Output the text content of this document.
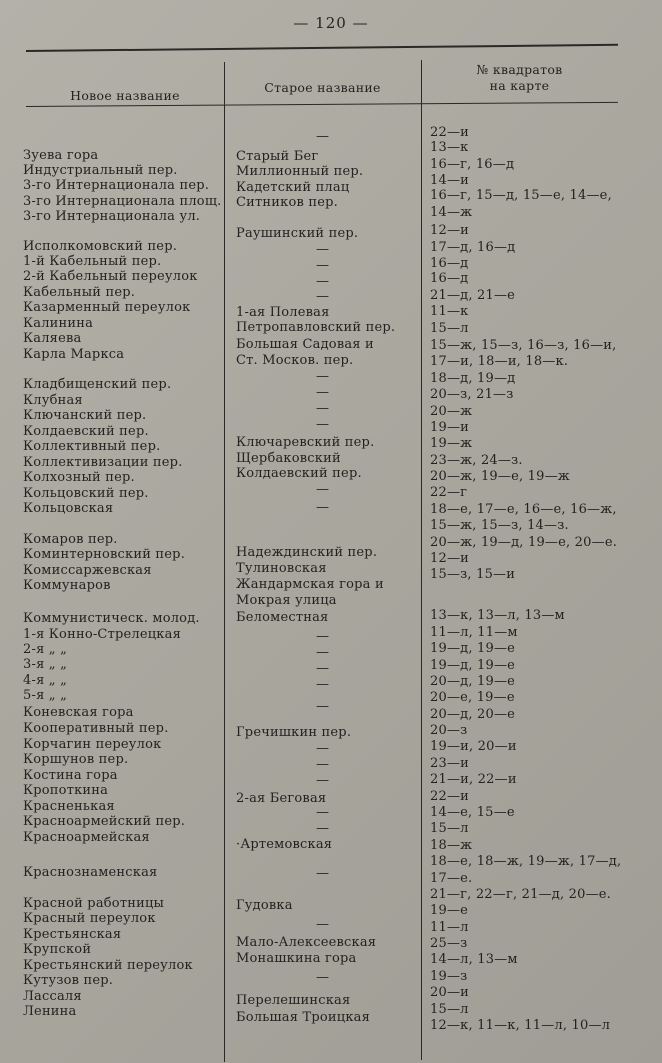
— 120 —
Новое название
Старое название
№ квадратов
на карте
Зуева гора
Индустриальный пер.
3-го Интернационала пер.
3-го Интернационала площ.
3-го Интернационала ул.
Исполкомовский пер.
1-й Кабельный пер.
2-й Кабельный переулок
Кабельный пер.
Казарменный переулок
Калинина
Каляева
Карла Маркса
Кладбищенский пер.
Клубная
Ключанский пер.
Колдаевский пер.
Коллективный пер.
Коллективизации пер.
Колхозный пер.
Кольцовский пер.
Кольцовская
Комаров пер.
Коминтерновский пер.
Комиссаржевская
Коммунаров
Коммунистическ. молод.
1-я Конно-Стрелецкая
2-я „ „
3-я „ „
4-я „ „
5-я „ „
Коневская гора
Кооперативный пер.
Корчагин переулок
Коршунов пер.
Костина гора
Кропоткина
Красненькая
Красноармейский пер.
Красноармейская
Краснознаменская
Красной работницы
Красный переулок
Крестьянская
Крупской
Крестьянский переулок
Кутузов пер.
Лассаля
Ленина
—
Старый Бег
Миллионный пер.
Кадетский плац
Ситников пер.
Раушинский пер.
—
—
—
—
1-ая Полевая
Петропавловский пер.
Большая Садовая и
Ст. Москов. пер.
—
—
—
—
Ключаревский пер.
Щербаковский
Колдаевский пер.
—
—
Надеждинский пер.
Тулиновская
Жандармская гора и
Мокрая улица
Беломестная
—
—
—
—
—
Гречишкин пер.
—
—
—
2-ая Беговая
—
—
·Артемовская
—
Гудовка
—
Мало-Алексеевская
Монашкина гора
—
Перелешинская
Большая Троицкая
22—и
13—к
16—г, 16—д
14—и
16—г, 15—д, 15—е, 14—е,
14—ж
12—и
17—д, 16—д
16—д
16—д
21—д, 21—е
11—к
15—л
15—ж, 15—з, 16—з, 16—и,
17—и, 18—и, 18—к.
18—д, 19—д
20—з, 21—з
20—ж
19—и
19—ж
23—ж, 24—з.
20—ж, 19—е, 19—ж
22—г
18—е, 17—е, 16—е, 16—ж,
15—ж, 15—з, 14—з.
20—ж, 19—д, 19—е, 20—е.
12—и
15—з, 15—и
13—к, 13—л, 13—м
11—л, 11—м
19—д, 19—е
19—д, 19—е
20—д, 19—е
20—е, 19—е
20—д, 20—е
20—з
19—и, 20—и
23—и
21—и, 22—и
22—и
14—е, 15—е
15—л
18—ж
18—е, 18—ж, 19—ж, 17—д,
17—е.
21—г, 22—г, 21—д, 20—е.
19—е
11—л
25—з
14—л, 13—м
19—з
20—и
15—л
12—к, 11—к, 11—л, 10—л
